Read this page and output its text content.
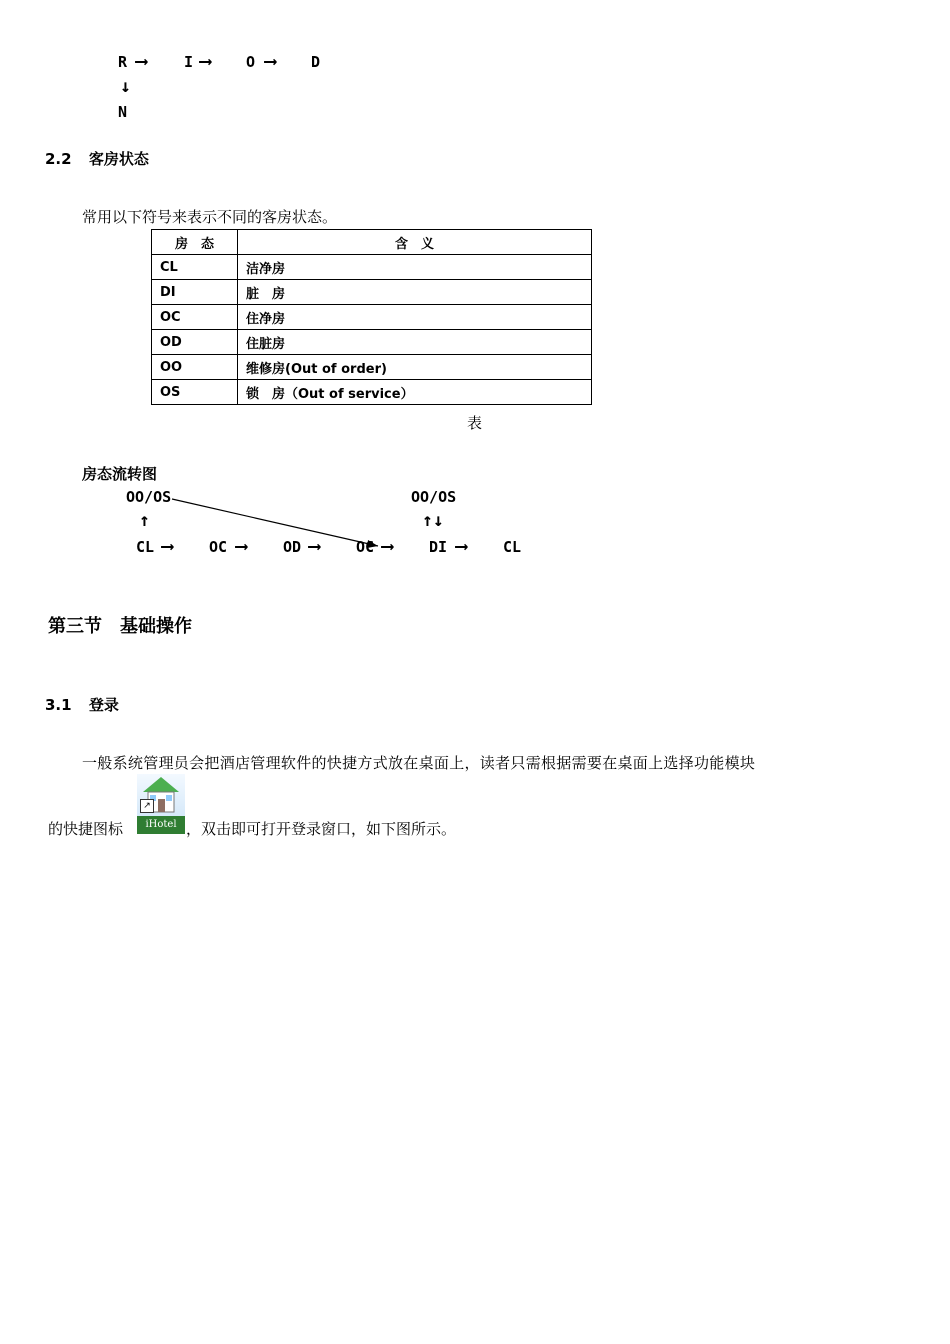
R ⟶ I ⟶ O ⟶ D
↓
N
2.2 客房状态
常用以下符号来表示不同的客房状态。
房　态	含　义
CL	洁净房
DI	脏　房
OC	住净房
OD	住脏房
OO	维修房(Out of order)
OS	锁　房（Out of service）
表
房态流转图
OO/OS	OO/OS
↑	↑↓
CL ⟶ OC ⟶ OD ⟶ OC ⟶ DI ⟶ CL
第三节　基础操作
3.1 登录
一般系统管理员会把酒店管理软件的快捷方式放在桌面上，读者只需根据需要在桌面上选择功能模块
的快捷图标
↗
iHotel ，双击即可打开登录窗口，如下图所示。
